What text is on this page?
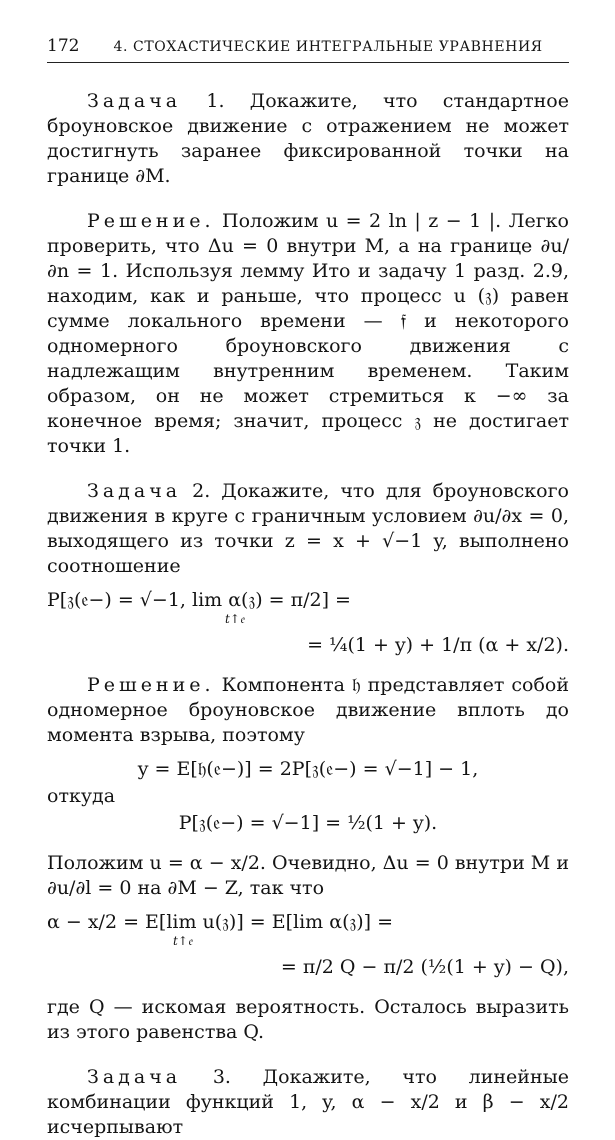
172 4. СТОХАСТИЧЕСКИЕ ИНТЕГРАЛЬНЫЕ УРАВНЕНИЯ

Задача 1. Докажите, что стандартное броуновское движение с отражением не может достигнуть заранее фиксированной точки на границе ∂M.

Решение. Положим u = 2 ln | z − 1 |. Легко проверить, что Δu = 0 внутри M, а на границе ∂u/∂n = 1. Используя лемму Ито и задачу 1 разд. 2.9, находим, как и раньше, что процесс u (𝔷) равен сумме локального времени — 𝔣 и некоторого одномерного броуновского движения с надлежащим внутренним временем. Таким образом, он не может стремиться к −∞ за конечное время; значит, процесс 𝔷 не достигает точки 1.

Задача 2. Докажите, что для броуновского движения в круге с граничным условием ∂u/∂x = 0, выходящего из точки z = x + √−1 y, выполнено соотношение

P[𝔷(𝔢−) = √−1, lim α(𝔷) = π/2] =
t↑𝔢
= ¼(1 + y) + 1/π (α + x/2).

Решение. Компонента 𝔥 представляет собой одномерное броуновское движение вплоть до момента взрыва, поэтому

y = E[𝔥(𝔢−)] = 2P[𝔷(𝔢−) = √−1] − 1,
откуда
P[𝔷(𝔢−) = √−1] = ½(1 + y).

Положим u = α − x/2. Очевидно, Δu = 0 внутри M и ∂u/∂l = 0 на ∂M − Z, так что

α − x/2 = E[lim u(𝔷)] = E[lim α(𝔷)] =
t↑𝔢
= π/2 Q − π/2 (½(1 + y) − Q),

где Q — искомая вероятность. Осталось выразить из этого равенства Q.

Задача 3. Докажите, что линейные комбинации функций 1, y, α − x/2 и β − x/2 исчерпывают
